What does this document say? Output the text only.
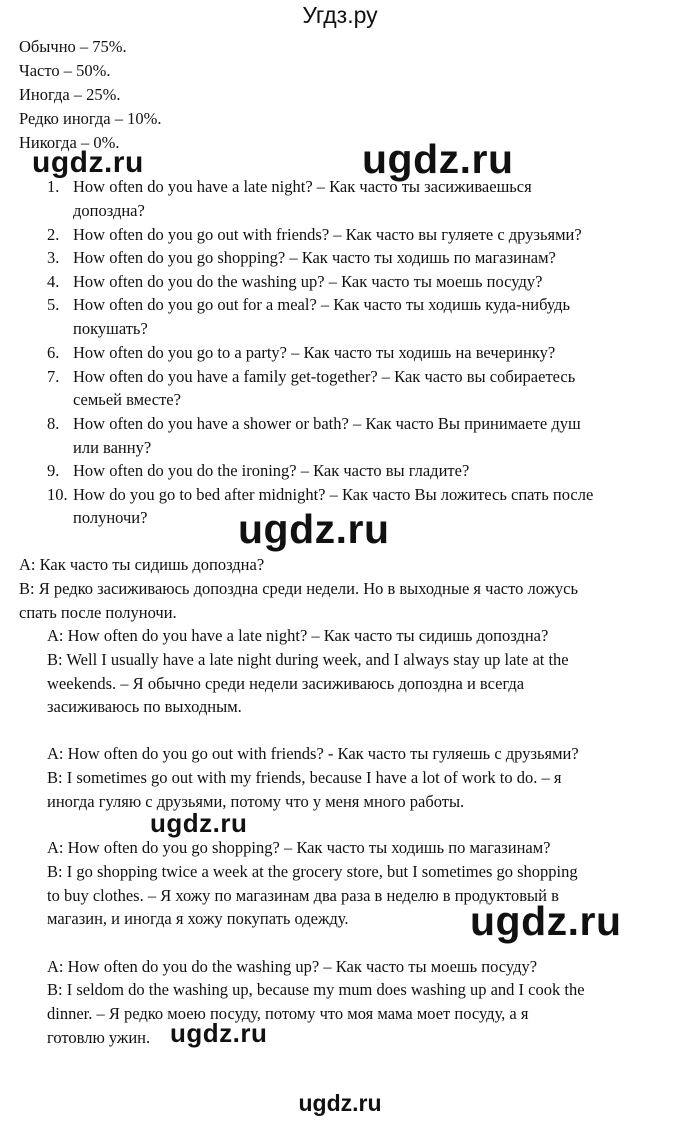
Угдз.ру
Обычно – 75%.
Часто – 50%.
Иногда – 25%.
Редко иногда – 10%.
Никогда – 0%.
ugdz.ru	ugdz.ru
ugdz.ru
ugdz.ru
ugdz.ru
ugdz.ru
1. How often do you have a late night? – Как часто ты засиживаешься
допоздна?
2. How often do you go out with friends? – Как часто вы гуляете с друзьями?
3. How often do you go shopping? – Как часто ты ходишь по магазинам?
4. How often do you do the washing up? – Как часто ты моешь посуду?
5. How often do you go out for a meal? – Как часто ты ходишь куда-нибудь
покушать?
6. How often do you go to a party? – Как часто ты ходишь на вечеринку?
7. How often do you have a family get-together? – Как часто вы собираетесь
семьей вместе?
8. How often do you have a shower or bath? – Как часто Вы принимаете душ
или ванну?
9. How often do you do the ironing? – Как часто вы гладите?
10. How do you go to bed after midnight? – Как часто Вы ложитесь спать после
полуночи?
A: Как часто ты сидишь допоздна?
B: Я редко засиживаюсь допоздна среди недели. Но в выходные я часто ложусь
спать после полуночи.
A: How often do you have a late night? – Как часто ты сидишь допоздна?
B: Well I usually have a late night during week, and I always stay up late at the
weekends. – Я обычно среди недели засиживаюсь допоздна и всегда
засиживаюсь по выходным.
A: How often do you go out with friends? - Как часто ты гуляешь с друзьями?
B: I sometimes go out with my friends, because I have a lot of work to do. – я
иногда гуляю с друзьями, потому что у меня много работы.
A: How often do you go shopping? – Как часто ты ходишь по магазинам?
B: I go shopping twice a week at the grocery store, but I sometimes go shopping
to buy clothes. – Я хожу по магазинам два раза в неделю в продуктовый в
магазин, и иногда я хожу покупать одежду.
A: How often do you do the washing up? – Как часто ты моешь посуду?
B: I seldom do the washing up, because my mum does washing up and I cook the
dinner. – Я редко моею посуду, потому что моя мама моет посуду, а я
готовлю ужин.
ugdz.ru
